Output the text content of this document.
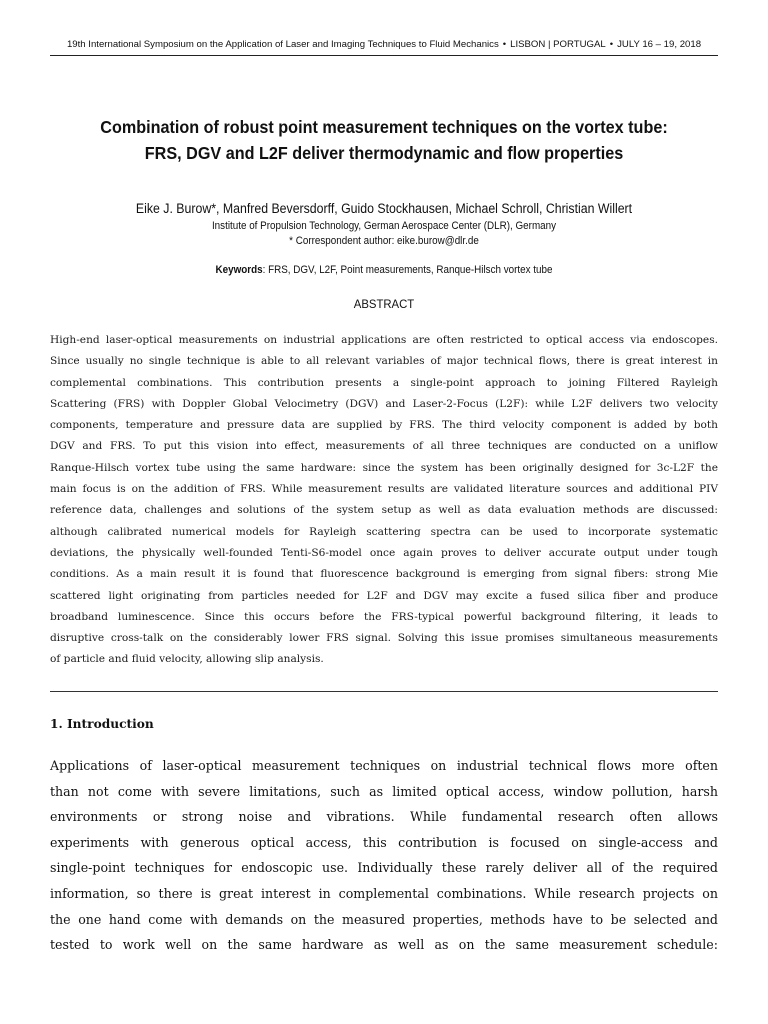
19th International Symposium on the Application of Laser and Imaging Techniques to Fluid Mechanics • LISBON | PORTUGAL • JULY 16 – 19, 2018
Combination of robust point measurement techniques on the vortex tube:
FRS, DGV and L2F deliver thermodynamic and flow properties
Eike J. Burow*, Manfred Beversdorff, Guido Stockhausen, Michael Schroll, Christian Willert
Institute of Propulsion Technology, German Aerospace Center (DLR), Germany
* Correspondent author: eike.burow@dlr.de
Keywords: FRS, DGV, L2F, Point measurements, Ranque-Hilsch vortex tube
ABSTRACT

High-end laser-optical measurements on industrial applications are often restricted to optical access via endoscopes.
Since usually no single technique is able to all relevant variables of major technical flows, there is great interest in
complemental combinations. This contribution presents a single-point approach to joining Filtered Rayleigh
Scattering (FRS) with Doppler Global Velocimetry (DGV) and Laser-2-Focus (L2F): while L2F delivers two velocity
components, temperature and pressure data are supplied by FRS. The third velocity component is added by both
DGV and FRS. To put this vision into effect, measurements of all three techniques are conducted on a uniflow
Ranque-Hilsch vortex tube using the same hardware: since the system has been originally designed for 3c-L2F the
main focus is on the addition of FRS. While measurement results are validated literature sources and additional PIV
reference data, challenges and solutions of the system setup as well as data evaluation methods are discussed:
although calibrated numerical models for Rayleigh scattering spectra can be used to incorporate systematic
deviations, the physically well-founded Tenti-S6-model once again proves to deliver accurate output under tough
conditions. As a main result it is found that fluorescence background is emerging from signal fibers: strong Mie
scattered light originating from particles needed for L2F and DGV may excite a fused silica fiber and produce
broadband luminescence. Since this occurs before the FRS-typical powerful background filtering, it leads to
disruptive cross-talk on the considerably lower FRS signal. Solving this issue promises simultaneous measurements
of particle and fluid velocity, allowing slip analysis.

1. Introduction

Applications of laser-optical measurement techniques on industrial technical flows more often
than not come with severe limitations, such as limited optical access, window pollution, harsh
environments or strong noise and vibrations. While fundamental research often allows
experiments with generous optical access, this contribution is focused on single-access and
single-point techniques for endoscopic use. Individually these rarely deliver all of the required
information, so there is great interest in complemental combinations. While research projects on
the one hand come with demands on the measured properties, methods have to be selected and
tested to work well on the same hardware as well as on the same measurement schedule:
